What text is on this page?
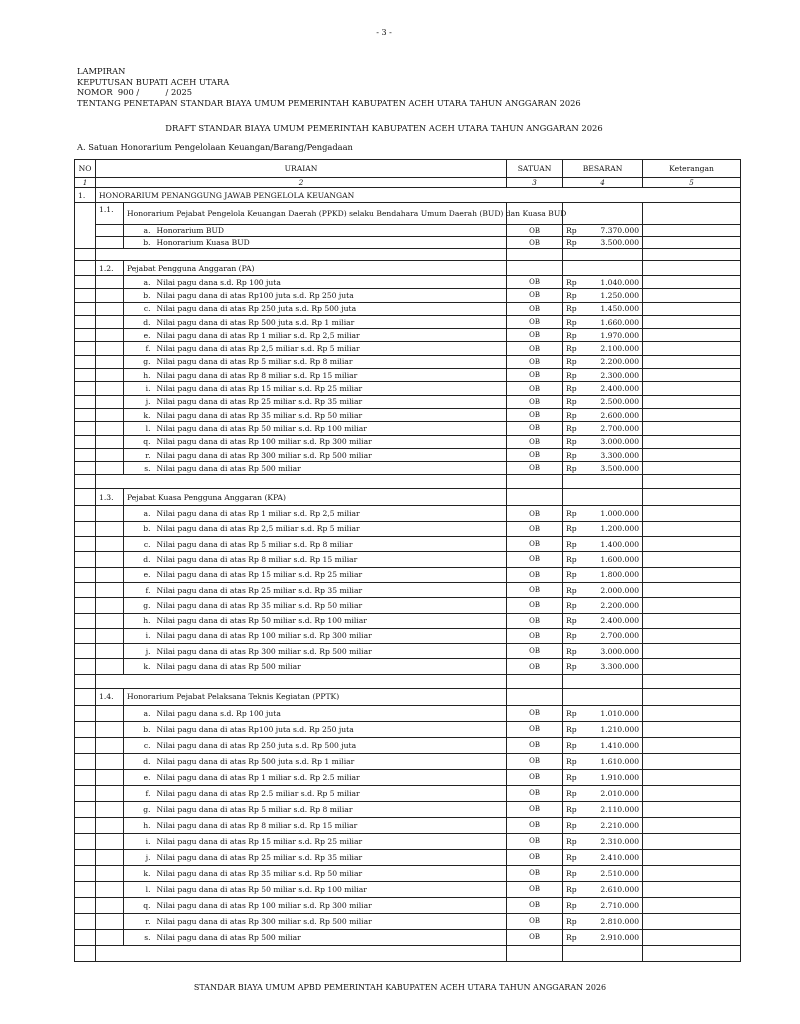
- 3 -
LAMPIRAN
KEPUTUSAN BUPATI ACEH UTARA
NOMOR  900 /          / 2025
TENTANG PENETAPAN STANDAR BIAYA UMUM PEMERINTAH KABUPATEN ACEH UTARA TAHUN ANGGARAN 2026
DRAFT STANDAR BIAYA UMUM PEMERINTAH KABUPATEN ACEH UTARA TAHUN ANGGARAN 2026
A. Satuan Honorarium Pengelolaan Keuangan/Barang/Pengadaan
NO	URAIAN			SATUAN	BESARAN	Keterangan
1	2			3	4	5
1.	HONORARIUM PENANGGUNG JAWAB PENGELOLA KEUANGAN					
	1.1.	Honorarium Pejabat Pengelola Keuangan Daerah (PPKD) selaku Bendahara Umum Daerah (BUD) dan Kuasa BUD				
		a.	Honorarium BUD	OB	Rp 7.370.000	

		b.	Honorarium Kuasa BUD	OB	Rp 3.500.000	

	1.2.	Pejabat Pengguna Anggaran (PA)				
		a.	Nilai pagu dana s.d. Rp 100 juta	OB	Rp 1.040.000	

		b.	Nilai pagu dana di atas Rp100 juta s.d. Rp 250 juta	OB	Rp 1.250.000	

		c.	Nilai pagu dana di atas Rp 250 juta s.d. Rp 500 juta	OB	Rp 1.450.000	

		d.	Nilai pagu dana di atas Rp 500 juta s.d. Rp 1 miliar	OB	Rp 1.660.000	

		e.	Nilai pagu dana di atas Rp 1 miliar s.d. Rp 2,5 miliar	OB	Rp 1.970.000	

		f.	Nilai pagu dana di atas Rp 2,5 miliar s.d. Rp 5 miliar	OB	Rp 2.100.000	

		g.	Nilai pagu dana di atas Rp 5 miliar s.d. Rp 8 miliar	OB	Rp 2.200.000	

		h.	Nilai pagu dana di atas Rp 8 miliar s.d. Rp 15 miliar	OB	Rp 2.300.000	

		i.	Nilai pagu dana di atas Rp 15 miliar s.d. Rp 25 miliar	OB	Rp 2.400.000	

		j.	Nilai pagu dana di atas Rp 25 miliar s.d. Rp 35 miliar	OB	Rp 2.500.000	

		k.	Nilai pagu dana di atas Rp 35 miliar s.d. Rp 50 miliar	OB	Rp 2.600.000	

		l.	Nilai pagu dana di atas Rp 50 miliar s.d. Rp 100 miliar	OB	Rp 2.700.000	

		q.	Nilai pagu dana di atas Rp 100 miliar s.d. Rp 300 miliar	OB	Rp 3.000.000	

		r.	Nilai pagu dana di atas Rp 300 miliar s.d. Rp 500 miliar	OB	Rp 3.300.000	

		s.	Nilai pagu dana di atas Rp 500 miliar	OB	Rp 3.500.000	

	1.3.	Pejabat Kuasa Pengguna Anggaran (KPA)				
		a.	Nilai pagu dana di atas Rp 1 miliar s.d. Rp 2,5 miliar	OB	Rp 1.000.000	

		b.	Nilai pagu dana di atas Rp 2,5 miliar s.d. Rp 5 miliar	OB	Rp 1.200.000	

		c.	Nilai pagu dana di atas Rp 5 miliar s.d. Rp 8 miliar	OB	Rp 1.400.000	

		d.	Nilai pagu dana di atas Rp 8 miliar s.d. Rp 15 miliar	OB	Rp 1.600.000	

		e.	Nilai pagu dana di atas Rp 15 miliar s.d. Rp 25 miliar	OB	Rp 1.800.000	

		f.	Nilai pagu dana di atas Rp 25 miliar s.d. Rp 35 miliar	OB	Rp 2.000.000	

		g.	Nilai pagu dana di atas Rp 35 miliar s.d. Rp 50 miliar	OB	Rp 2.200.000	

		h.	Nilai pagu dana di atas Rp 50 miliar s.d. Rp 100 miliar	OB	Rp 2.400.000	

		i.	Nilai pagu dana di atas Rp 100 miliar s.d. Rp 300 miliar	OB	Rp 2.700.000	

		j.	Nilai pagu dana di atas Rp 300 miliar s.d. Rp 500 miliar	OB	Rp 3.000.000	

		k.	Nilai pagu dana di atas Rp 500 miliar	OB	Rp 3.300.000	

	1.4.	Honorarium Pejabat Pelaksana Teknis Kegiatan (PPTK)				
		a.	Nilai pagu dana s.d. Rp 100 juta	OB	Rp 1.010.000	

		b.	Nilai pagu dana di atas Rp100 juta s.d. Rp 250 juta	OB	Rp 1.210.000	

		c.	Nilai pagu dana di atas Rp 250 juta s.d. Rp 500 juta	OB	Rp 1.410.000	

		d.	Nilai pagu dana di atas Rp 500 juta s.d. Rp 1 miliar	OB	Rp 1.610.000	

		e.	Nilai pagu dana di atas Rp 1 miliar s.d. Rp 2.5 miliar	OB	Rp 1.910.000	

		f.	Nilai pagu dana di atas Rp 2.5 miliar s.d. Rp 5 miliar	OB	Rp 2.010.000	

		g.	Nilai pagu dana di atas Rp 5 miliar s.d. Rp 8 miliar	OB	Rp 2.110.000	

		h.	Nilai pagu dana di atas Rp 8 miliar s.d. Rp 15 miliar	OB	Rp 2.210.000	

		i.	Nilai pagu dana di atas Rp 15 miliar s.d. Rp 25 miliar	OB	Rp 2.310.000	

		j.	Nilai pagu dana di atas Rp 25 miliar s.d. Rp 35 miliar	OB	Rp 2.410.000	

		k.	Nilai pagu dana di atas Rp 35 miliar s.d. Rp 50 miliar	OB	Rp 2.510.000	

		l.	Nilai pagu dana di atas Rp 50 miliar s.d. Rp 100 miliar	OB	Rp 2.610.000	

		q.	Nilai pagu dana di atas Rp 100 miliar s.d. Rp 300 miliar	OB	Rp 2.710.000	

		r.	Nilai pagu dana di atas Rp 300 miliar s.d. Rp 500 miliar	OB	Rp 2.810.000	

		s.	Nilai pagu dana di atas Rp 500 miliar	OB	Rp 2.910.000	

STANDAR BIAYA UMUM APBD PEMERINTAH KABUPATEN ACEH UTARA TAHUN ANGGARAN 2026
